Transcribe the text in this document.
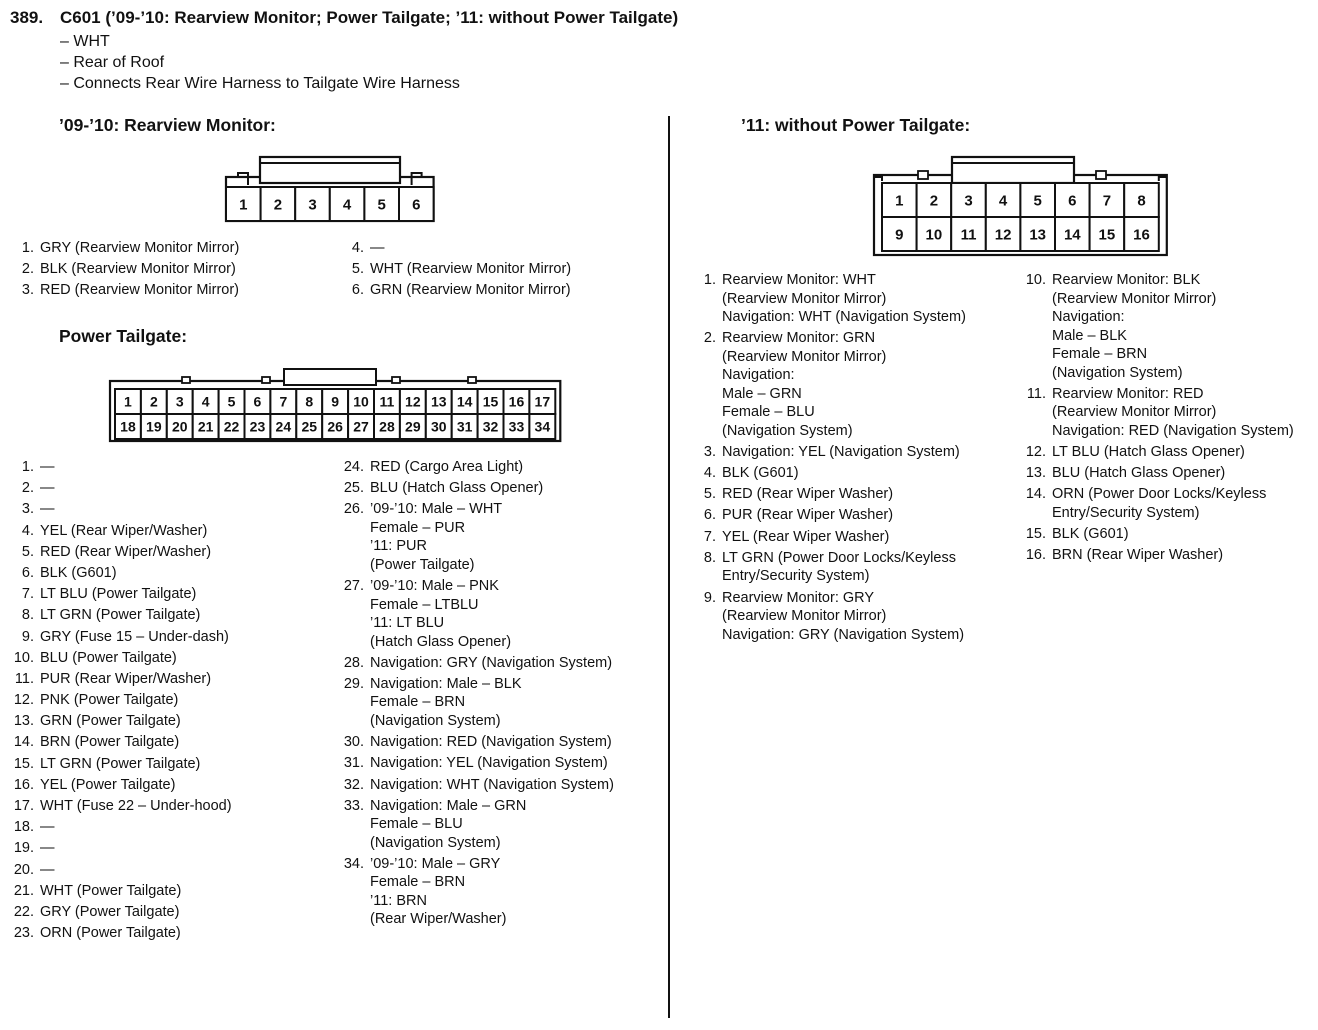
389. C601 (’09-’10: Rearview Monitor; Power Tailgate; ’11: without Power Tailgate)
– WHT
– Rear of Roof
– Connects Rear Wire Harness to Tailgate Wire Harness
’09-’10: Rearview Monitor:
Power Tailgate:
’11: without Power Tailgate:
1 2 3 4 5 6
1 2 3 4 5 6 7 8 9 10 11 12 13 14 15 16 17
18 19 20 21 22 23 24 25 26 27 28 29 30 31 32 33 34
1 2 3 4 5 6 7 8
9 10 11 12 13 14 15 16
1. GRY (Rearview Monitor Mirror)
2. BLK (Rearview Monitor Mirror)
3. RED (Rearview Monitor Mirror)
4. —
5. WHT (Rearview Monitor Mirror)
6. GRN (Rearview Monitor Mirror)
1. —
2. —
3. —
4. YEL (Rear Wiper/Washer)
5. RED (Rear Wiper/Washer)
6. BLK (G601)
7. LT BLU (Power Tailgate)
8. LT GRN (Power Tailgate)
9. GRY (Fuse 15 – Under-dash)
10. BLU (Power Tailgate)
11. PUR (Rear Wiper/Washer)
12. PNK (Power Tailgate)
13. GRN (Power Tailgate)
14. BRN (Power Tailgate)
15. LT GRN (Power Tailgate)
16. YEL (Power Tailgate)
17. WHT (Fuse 22 – Under-hood)
18. —
19. —
20. —
21. WHT (Power Tailgate)
22. GRY (Power Tailgate)
23. ORN (Power Tailgate)
24. RED (Cargo Area Light)
25. BLU (Hatch Glass Opener)
26. ’09-’10: Male – WHT
Female – PUR
’11: PUR
(Power Tailgate)
27. ’09-’10: Male – PNK
Female – LTBLU
’11: LT BLU
(Hatch Glass Opener)
28. Navigation: GRY (Navigation System)
29. Navigation: Male – BLK
Female – BRN
(Navigation System)
30. Navigation: RED (Navigation System)
31. Navigation: YEL (Navigation System)
32. Navigation: WHT (Navigation System)
33. Navigation: Male – GRN
Female – BLU
(Navigation System)
34. ’09-’10: Male – GRY
Female – BRN
’11: BRN
(Rear Wiper/Washer)
1. Rearview Monitor: WHT
(Rearview Monitor Mirror)
Navigation: WHT (Navigation System)
2. Rearview Monitor: GRN
(Rearview Monitor Mirror)
Navigation:
Male – GRN
Female – BLU
(Navigation System)
3. Navigation: YEL (Navigation System)
4. BLK (G601)
5. RED (Rear Wiper Washer)
6. PUR (Rear Wiper Washer)
7. YEL (Rear Wiper Washer)
8. LT GRN (Power Door Locks/Keyless
Entry/Security System)
9. Rearview Monitor: GRY
(Rearview Monitor Mirror)
Navigation: GRY (Navigation System)
10. Rearview Monitor: BLK
(Rearview Monitor Mirror)
Navigation:
Male – BLK
Female – BRN
(Navigation System)
11. Rearview Monitor: RED
(Rearview Monitor Mirror)
Navigation: RED (Navigation System)
12. LT BLU (Hatch Glass Opener)
13. BLU (Hatch Glass Opener)
14. ORN (Power Door Locks/Keyless
Entry/Security System)
15. BLK (G601)
16. BRN (Rear Wiper Washer)
